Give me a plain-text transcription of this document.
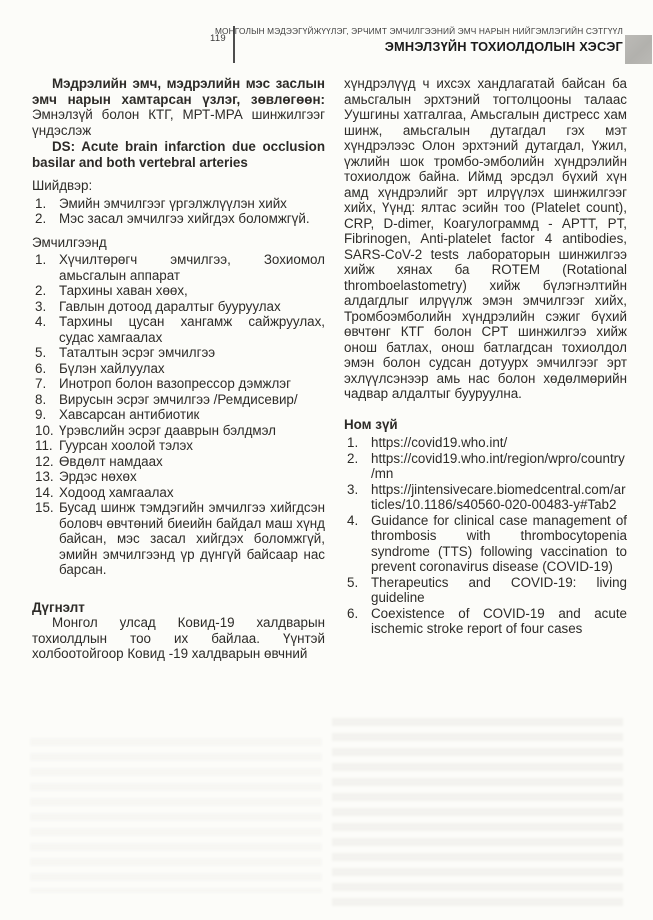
119
МОНГОЛЫН МЭДЭЭГҮЙЖҮҮЛЭГ, ЭРЧИМТ ЭМЧИЛГЭЭНИЙ ЭМЧ НАРЫН НИЙГЭМЛЭГИЙН СЭТГҮҮЛ
ЭМНЭЛЗҮЙН ТОХИОЛДОЛЫН ХЭСЭГ

Мэдрэлийн эмч, мэдрэлийн мэс заслын эмч нарын хамтарсан үзлэг, зөвлөгөөн: Эмнэлзүй болон КТГ, МРТ-МРА шинжилгээг үндэслэж

DS: Acute brain infarction due occlusion basilar and both vertebral arteries

Шийдвэр:

1. Эмийн эмчилгээг үргэлжлүүлэн хийх
2. Мэс засал эмчилгээ хийгдэх боломжгүй.

Эмчилгээнд

1. Хүчилтөрөгч эмчилгээ, Зохиомол амьсгалын аппарат
2. Тархины хаван хөөх,
3. Гавлын дотоод даралтыг бууруулах
4. Тархины цусан хангамж сайжруулах, судас хамгаалах
5. Таталтын эсрэг эмчилгээ
6. Бүлэн хайлуулах
7. Инотроп болон вазопрессор дэмжлэг
8. Вирусын эсрэг эмчилгээ /Ремдисевир/
9. Хавсарсан антибиотик
10. Үрэвслийн эсрэг дааврын бэлдмэл
11. Гуурсан хоолой тэлэх
12. Өвдөлт намдаах
13. Эрдэс нөхөх
14. Ходоод хамгаалах
15. Бусад шинж тэмдэгийн эмчилгээ хийгдсэн боловч өвчтөний биеийн байдал маш хүнд байсан, мэс засал хийгдэх боломжгүй, эмийн эмчилгээнд үр дүнгүй байсаар нас барсан.

Дүгнэлт

Монгол улсад Ковид-19 халдварын тохиолдлын тоо их байлаа. Үүнтэй холбоотойгоор Ковид -19 халдварын өвчний

хүндрэлүүд ч ихсэх хандлагатай байсан ба амьсгалын эрхтэний тогтолцооны талаас Уушгины хатгалгаа, Амьсгалын дистресс хам шинж, амьсгалын дутагдал гэх мэт хүндрэлээс Олон эрхтэний дутагдал, Үжил, үжлийн шок тромбо-эмболийн хүндрэлийн тохиолдож байна. Иймд эрсдэл бүхий хүн амд хүндрэлийг эрт илрүүлэх шинжилгээг хийх, Үүнд: ялтас эсийн тоо (Platelet count), CRP, D-dimer, Коагулограммд - APTT, PT, Fibrinogen, Anti-platelet factor 4 antibodies, SARS-CoV-2 tests лабораторын шинжилгээ хийж хянах ба ROTEM (Rotational thromboelastometry) хийж бүлэгнэлтийн алдагдлыг илрүүлж эмэн эмчилгээг хийх, Тромбоэмболийн хүндрэлийн сэжиг бүхий өвчтөнг КТГ болон CPT шинжилгээ хийж онош батлах, онош батлагдсан тохиолдол эмэн болон судсан дотуурх эмчилгээг эрт эхлүүлсэнээр амь нас болон хөдөлмөрийн чадвар алдалтыг бууруулна.

Ном зүй

1. https://covid19.who.int/
2. https://covid19.who.int/region/wpro/country/mn
3. https://jintensivecare.biomedcentral.com/articles/10.1186/s40560-020-00483-y#Tab2
4. Guidance for clinical case management of thrombosis with thrombocytopenia syndrome (TTS) following vaccination to prevent coronavirus disease (COVID-19)
5. Therapeutics and COVID-19: living guideline
6. Coexistence of COVID-19 and acute ischemic stroke report of four cases
